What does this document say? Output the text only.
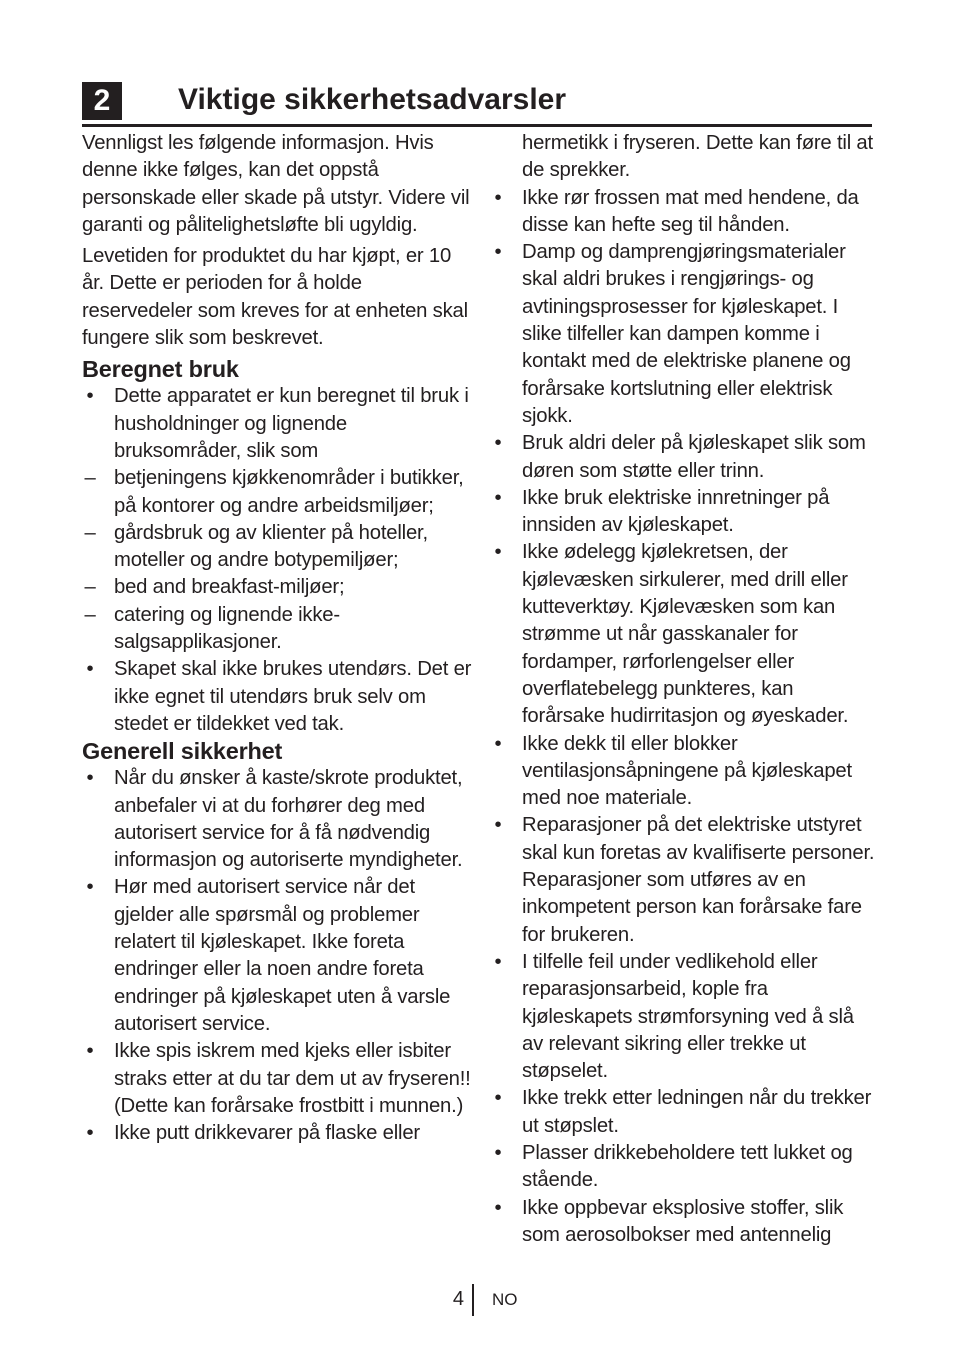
2	Viktige sikkerhetsadvarsler

Vennligst les følgende informasjon. Hvis denne ikke følges, kan det oppstå personskade eller skade på utstyr. Videre vil garanti og pålitelighetsløfte bli ugyldig.

Levetiden for produktet du har kjøpt, er 10 år. Dette er perioden for å holde reservedeler som kreves for at enheten skal fungere slik som beskrevet.

Beregnet bruk
• Dette apparatet er kun beregnet til bruk i husholdninger og lignende bruksområder, slik som
– betjeningens kjøkkenområder i butikker, på kontorer og andre arbeidsmiljøer;
– gårdsbruk og av klienter på hoteller, moteller og andre botypemiljøer;
– bed and breakfast-miljøer;
– catering og lignende ikke-salgsapplikasjoner.
• Skapet skal ikke brukes utendørs. Det er ikke egnet til utendørs bruk selv om stedet er tildekket ved tak.
Generell sikkerhet
• Når du ønsker å kaste/skrote produktet, anbefaler vi at du forhører deg med autorisert service for å få nødvendig informasjon og autoriserte myndigheter.
• Hør med autorisert service når det gjelder alle spørsmål og problemer relatert til kjøleskapet. Ikke foreta endringer eller la noen andre foreta endringer på kjøleskapet uten å varsle autorisert service.
• Ikke spis iskrem med kjeks eller isbiter straks etter at du tar dem ut av fryseren!! (Dette kan forårsake frostbitt i munnen.)
• Ikke putt drikkevarer på flaske eller
hermetikk i fryseren. Dette kan føre til at de sprekker.
• Ikke rør frossen mat med hendene, da disse kan hefte seg til hånden.
• Damp og damprengjøringsmaterialer skal aldri brukes i rengjørings- og avtiningsprosesser for kjøleskapet. I slike tilfeller kan dampen komme i kontakt med de elektriske planene og forårsake kortslutning eller elektrisk sjokk.
• Bruk aldri deler på kjøleskapet slik som døren som støtte eller trinn.
• Ikke bruk elektriske innretninger på innsiden av kjøleskapet.
• Ikke ødelegg kjølekretsen, der kjølevæsken sirkulerer, med drill eller kutteverktøy. Kjølevæsken som kan strømme ut når gasskanaler for fordamper, rørforlengelser eller overflatebelegg punkteres, kan forårsake hudirritasjon og øyeskader.
• Ikke dekk til eller blokker ventilasjonsåpningene på kjøleskapet med noe materiale.
• Reparasjoner på det elektriske utstyret skal kun foretas av kvalifiserte personer. Reparasjoner som utføres av en inkompetent person kan forårsake fare for brukeren.
• I tilfelle feil under vedlikehold eller reparasjonsarbeid, kople fra kjøleskapets strømforsyning ved å slå av relevant sikring eller trekke ut støpselet.
• Ikke trekk etter ledningen når du trekker ut støpslet.
• Plasser drikkebeholdere tett lukket og stående.
• Ikke oppbevar eksplosive stoffer, slik som aerosolbokser med antennelig
4 NO
